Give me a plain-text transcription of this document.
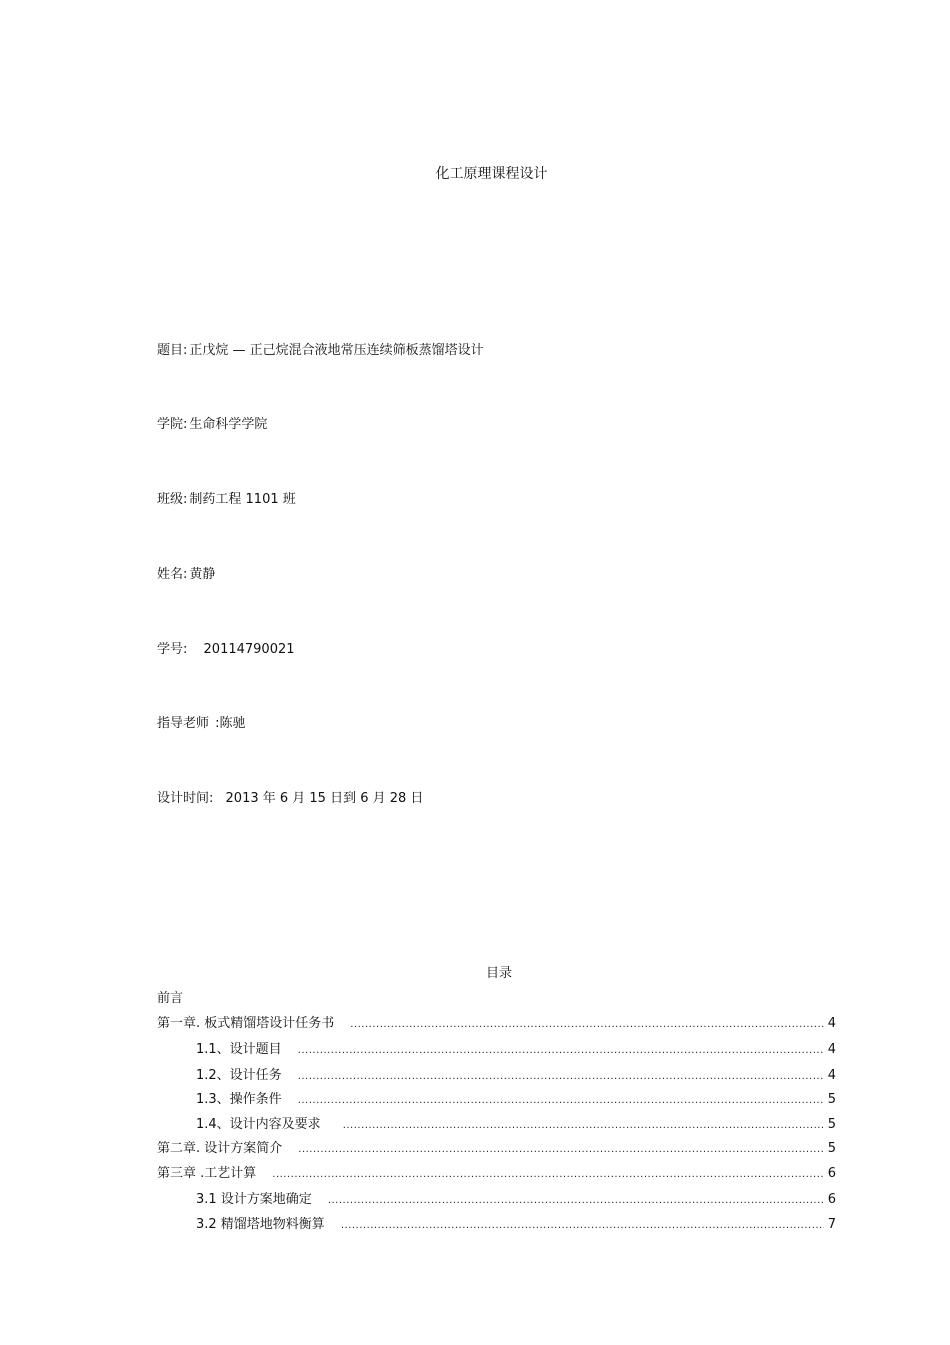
化工原理课程设计
题目: 正戊烷 — 正己烷混合液地常压连续筛板蒸馏塔设计
学院: 生命科学学院
班级: 制药工程 1101 班
姓名: 黄静
学号: 20114790021
指导老师 :陈驰
设计时间: 2013 年 6 月 15 日到 6 月 28 日
目录
前言
第一章. 板式精馏塔设计任务书 .....	4
1.1、设计题目 .....	4
1.2、设计任务 .....	4
1.3、操作条件 .....	5
1.4、设计内容及要求 .....	5
第二章. 设计方案简介 .....	5
第三章 .工艺计算 .....	6
3.1 设计方案地确定 .....	6
3.2 精馏塔地物料衡算 .....	7
